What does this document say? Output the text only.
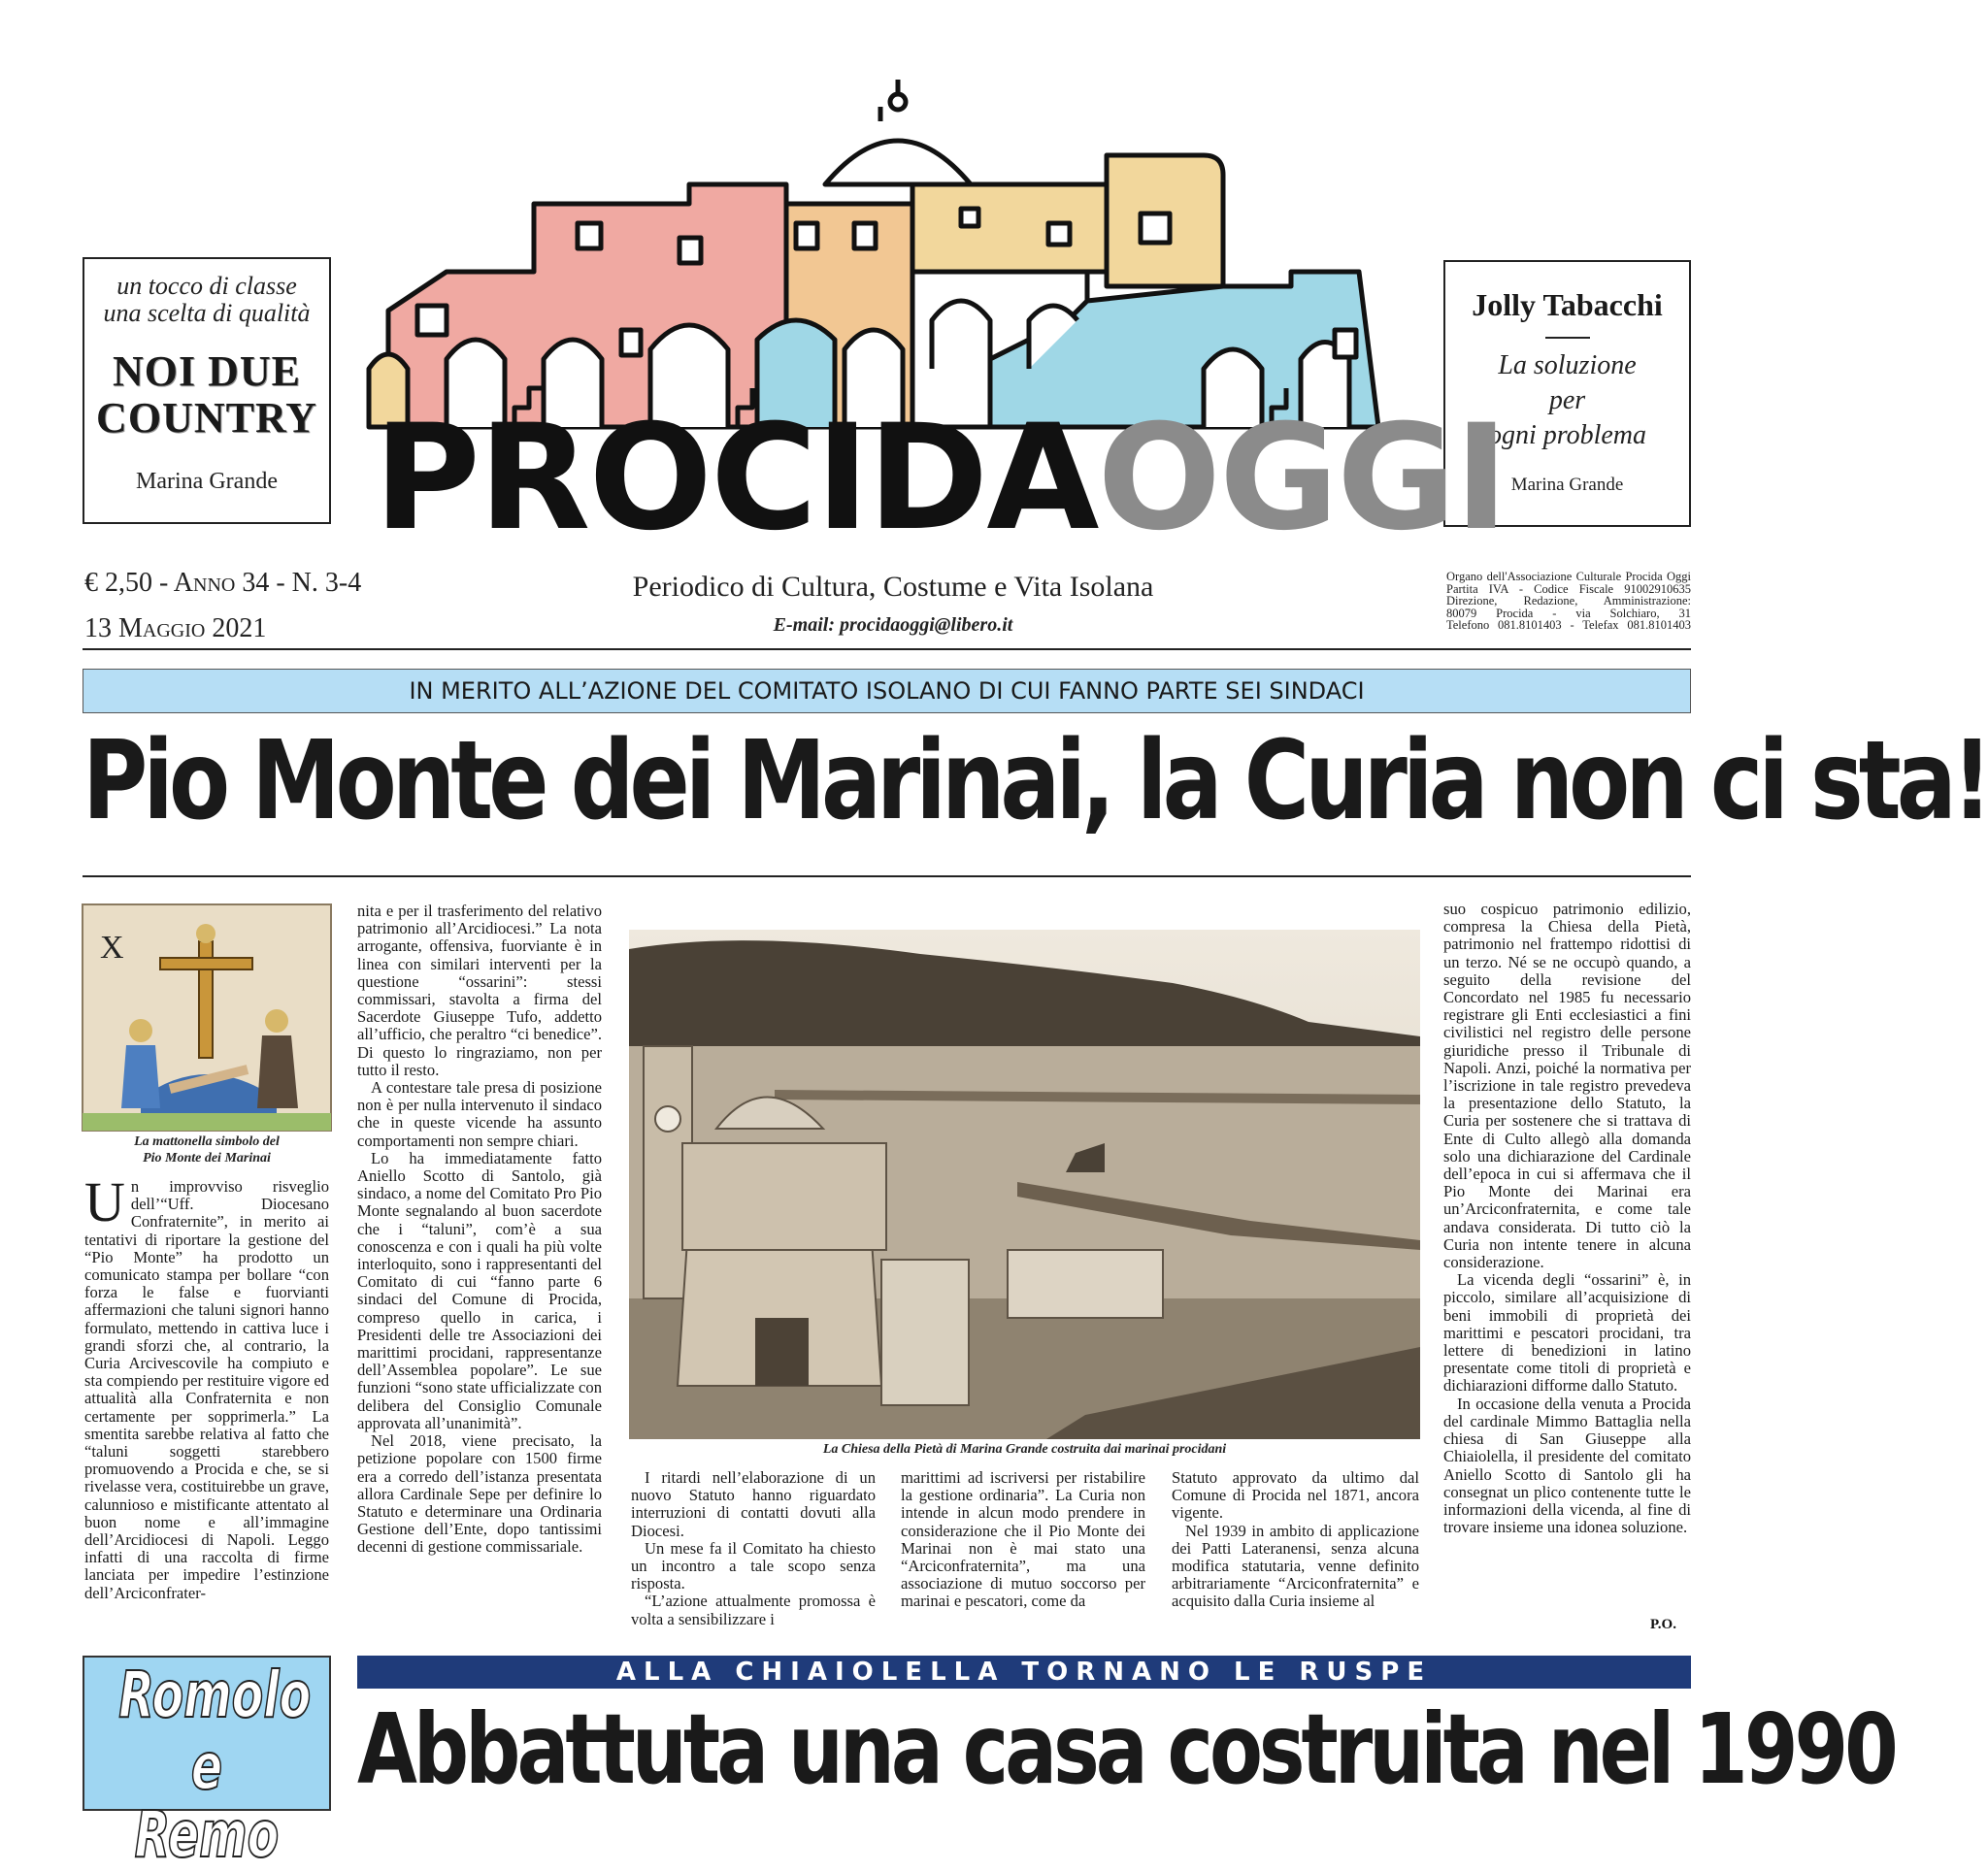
un tocco di classe
una scelta di qualità
NOI DUE
COUNTRY
Marina Grande
Jolly Tabacchi
La soluzione
per
ogni problema
Marina Grande
PROCIDAOGGI
Periodico di Cultura, Costume e Vita Isolana
E-mail: procidaoggi@libero.it
€ 2,50 - Anno 34 - N. 3-4
13 Maggio 2021
Organo dell'Associazione Culturale Procida Oggi
Partita IVA - Codice Fiscale 91002910635
Direzione, Redazione, Amministrazione:
80079 Procida - via Solchiaro, 31
Telefono 081.8101403 - Telefax 081.8101403
IN MERITO ALL’AZIONE DEL COMITATO ISOLANO DI CUI FANNO PARTE SEI SINDACI
Pio Monte dei Marinai, la Curia non ci sta!
X
La mattonella simbolo del
Pio Monte dei Marinai

Un improvviso risveglio dell’“Uff. Diocesano Confraternite”, in merito ai tentativi di riportare la gestione del “Pio Monte” ha prodotto un comunicato stampa per bollare “con forza le false e fuorvianti affermazioni che taluni signori hanno formulato, mettendo in cattiva luce i grandi sforzi che, al contrario, la Curia Arcivescovile ha compiuto e sta compiendo per restituire vigore ed attualità alla Confraternita e non certamente per sopprimerla.” La smentita sarebbe relativa al fatto che “taluni soggetti starebbero promuovendo a Procida e che, se si rivelasse vera, costituirebbe un grave, calunnioso e mistificante attentato al buon nome e all’immagine dell’Arcidiocesi di Napoli. Leggo infatti di una raccolta di firme lanciata per impedire l’estinzione dell’Arciconfrater-

nita e per il trasferimento del relativo patrimonio all’Arcidiocesi.” La nota arrogante, offensiva, fuorviante è in linea con similari interventi per la questione “ossarini”: stessi commissari, stavolta a firma del Sacerdote Giuseppe Tufo, addetto all’ufficio, che peraltro “ci benedice”. Di questo lo ringraziamo, non per tutto il resto.

A contestare tale presa di posizione non è per nulla intervenuto il sindaco che in queste vicende ha assunto comportamenti non sempre chiari.

Lo ha immediatamente fatto Aniello Scotto di Santolo, già sindaco, a nome del Comitato Pro Pio Monte segnalando al buon sacerdote che i “taluni”, com’è a sua conoscenza e con i quali ha più volte interloquito, sono i rappresentanti del Comitato di cui “fanno parte 6 sindaci del Comune di Procida, compreso quello in carica, i Presidenti delle tre Associazioni dei marittimi procidani, rappresentanze dell’Assemblea popolare”. Le sue funzioni “sono state ufficializzate con delibera del Consiglio Comunale approvata all’unanimità”.

Nel 2018, viene precisato, la petizione popolare con 1500 firme era a corredo dell’istanza presentata allora Cardinale Sepe per definire lo Statuto e determinare una Ordinaria Gestione dell’Ente, dopo tantissimi decenni di gestione commissariale.

La Chiesa della Pietà di Marina Grande costruita dai marinai procidani

I ritardi nell’elaborazione di un nuovo Statuto hanno riguardato interruzioni di contatti dovuti alla Diocesi.

Un mese fa il Comitato ha chiesto un incontro a tale scopo senza risposta.

“L’azione attualmente promossa è volta a sensibilizzare i

marittimi ad iscriversi per ristabilire la gestione ordinaria”. La Curia non intende in alcun modo prendere in considerazione che il Pio Monte dei Marinai non è mai stato una “Arciconfraternita”, ma una associazione di mutuo soccorso per marinai e pescatori, come da

Statuto approvato da ultimo dal Comune di Procida nel 1871, ancora vigente.

Nel 1939 in ambito di applicazione dei Patti Lateranensi, senza alcuna modifica statutaria, venne definito arbitrariamente “Arciconfraternita” e acquisito dalla Curia insieme al

suo cospicuo patrimonio edilizio, compresa la Chiesa della Pietà, patrimonio nel frattempo ridottisi di un terzo. Né se ne occupò quando, a seguito della revisione del Concordato nel 1985 fu necessario registrare gli Enti ecclesiastici a fini civilistici nel registro delle persone giuridiche presso il Tribunale di Napoli. Anzi, poiché la normativa per l’iscrizione in tale registro prevedeva la presentazione dello Statuto, la Curia per sostenere che si trattava di Ente di Culto allegò alla domanda solo una dichiarazione del Cardinale dell’epoca in cui si affermava che il Pio Monte dei Marinai era un’Arciconfraternita, e come tale andava considerata. Di tutto ciò la Curia non intente tenere in alcuna considerazione.

La vicenda degli “ossarini” è, in piccolo, similare all’acquisizione di beni immobili di proprietà dei marittimi e pescatori procidani, tra lettere di benedizioni in latino presentate come titoli di proprietà e dichiarazioni difforme dallo Statuto.

In occasione della venuta a Procida del cardinale Mimmo Battaglia nella chiesa di San Giuseppe alla Chiaiolella, il presidente del comitato Aniello Scotto di Santolo gli ha consegnat un plico contenente tutte le informazioni della vicenda, al fine di trovare insieme una idonea soluzione.

P.O.
Romolo
e Remo
ALLA CHIAIOLELLA TORNANO LE RUSPE
Abbattuta una casa costruita nel 1990
